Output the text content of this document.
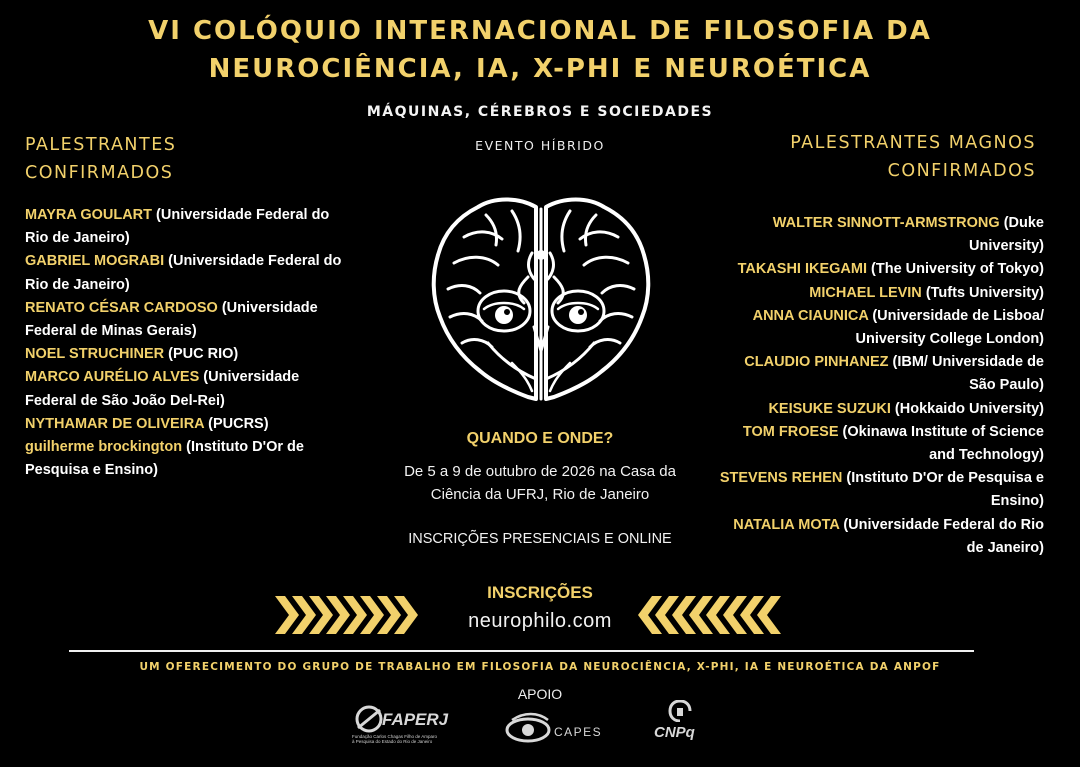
VI COLÓQUIO INTERNACIONAL DE FILOSOFIA DA
NEUROCIÊNCIA, IA, X-PHI E NEUROÉTICA
MÁQUINAS, CÉREBROS E SOCIEDADES
EVENTO HÍBRIDO
PALESTRANTES
CONFIRMADOS

MAYRA GOULART (Universidade Federal do Rio de Janeiro)

GABRIEL MOGRABI (Universidade Federal do Rio de Janeiro)

RENATO CÉSAR CARDOSO (Universidade Federal de Minas Gerais)

NOEL STRUCHINER (PUC RIO)

MARCO AURÉLIO ALVES (Universidade Federal de São João Del-Rei)

NYTHAMAR DE OLIVEIRA (PUCRS)

guilherme brockington (Instituto D'Or de Pesquisa e Ensino)

PALESTRANTES MAGNOS
CONFIRMADOS

WALTER SINNOTT-ARMSTRONG (Duke University)

TAKASHI IKEGAMI (The University of Tokyo)

MICHAEL LEVIN (Tufts University)

ANNA CIAUNICA (Universidade de Lisboa/ University College London)

CLAUDIO PINHANEZ (IBM/ Universidade de São Paulo)

KEISUKE SUZUKI (Hokkaido University)

TOM FROESE (Okinawa Institute of Science and Technology)

STEVENS REHEN (Instituto D'Or de Pesquisa e Ensino)

NATALIA MOTA (Universidade Federal do Rio de Janeiro)

QUANDO E ONDE?
De 5 a 9 de outubro de 2026 na Casa da
Ciência da UFRJ, Rio de Janeiro
INSCRIÇÕES PRESENCIAIS E ONLINE
INSCRIÇÕES
neurophilo.com
UM OFERECIMENTO DO GRUPO DE TRABALHO EM FILOSOFIA DA NEUROCIÊNCIA, X-PHI, IA E NEUROÉTICA DA ANPOF
APOIO
FAPERJ
Fundação Carlos Chagas Filho de Amparo
à Pesquisa do Estado do Rio de Janeiro
CAPES	CNPq
